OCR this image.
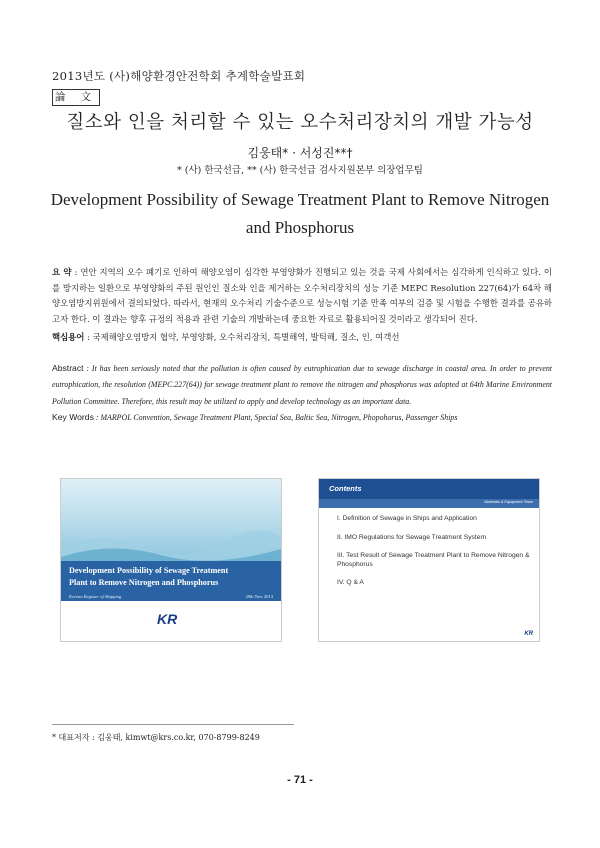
2013년도 (사)해양환경안전학회 추계학술발표회
論 文
질소와 인을 처리할 수 있는 오수처리장치의 개발 가능성
김웅태* · 서성진**†
* (사) 한국선급, ** (사) 한국선급 검사지원본부 의장업무팀
Development Possibility of Sewage Treatment Plant to Remove Nitrogen and Phosphorus
요 약 : 연안 지역의 오수 폐기로 인하여 해양오염이 심각한 부영양화가 진행되고 있는 것을 국제 사회에서는 심각하게 인식하고 있다. 이를 방지하는 일환으로 부영양화의 주된 원인인 질소와 인을 제거하는 오수처리장치의 성능 기준 MEPC Resolution 227(64)가 64차 해양오염방지위원에서 결의되었다. 따라서, 현재의 오수처리 기술수준으로 성능시험 기준 만족 여부의 검증 및 시험을 수행한 결과를 공유하고자 한다. 이 결과는 향후 규정의 적용과 관련 기술의 개발하는데 중요한 자료로 활용되어질 것이라고 생각되어 진다.
핵심용어 : 국제해양오염방지 협약, 부영양화, 오수처리장치, 특별해역, 발틱해, 질소, 인, 여객선
Abstract : It has been seriously noted that the pollution is often caused by eutrophication due to sewage discharge in coastal area. In order to prevent eutrophication, the resolution (MEPC.227(64)) for sewage treatment plant to remove the nitrogen and phosphorus was adopted at 64th Marine Environment Pollution Committee. Therefore, this result may be utilized to apply and develop technology as an important data.
Key Words : MARPOL Convention, Sewage Treatment Plant, Special Sea, Baltic Sea, Nitrogen, Phopohorus, Passenger Ships
Development Possibility of Sewage Treatment
Plant to Remove Nitrogen and Phosphorus
Korean Register of Shipping	29th Nov 2013
KR
Contents
Materials & Equipment Team
I. Definition of Sewage in Ships and Application
II. IMO Regulations for Sewage Treatment System
III. Test Result of Sewage Treatment Plant to Remove Nitrogen & Phosphorus
IV. Q & A
KR
* 대표저자 : 김웅태, kimwt@krs.co.kr, 070-8799-8249
- 71 -
